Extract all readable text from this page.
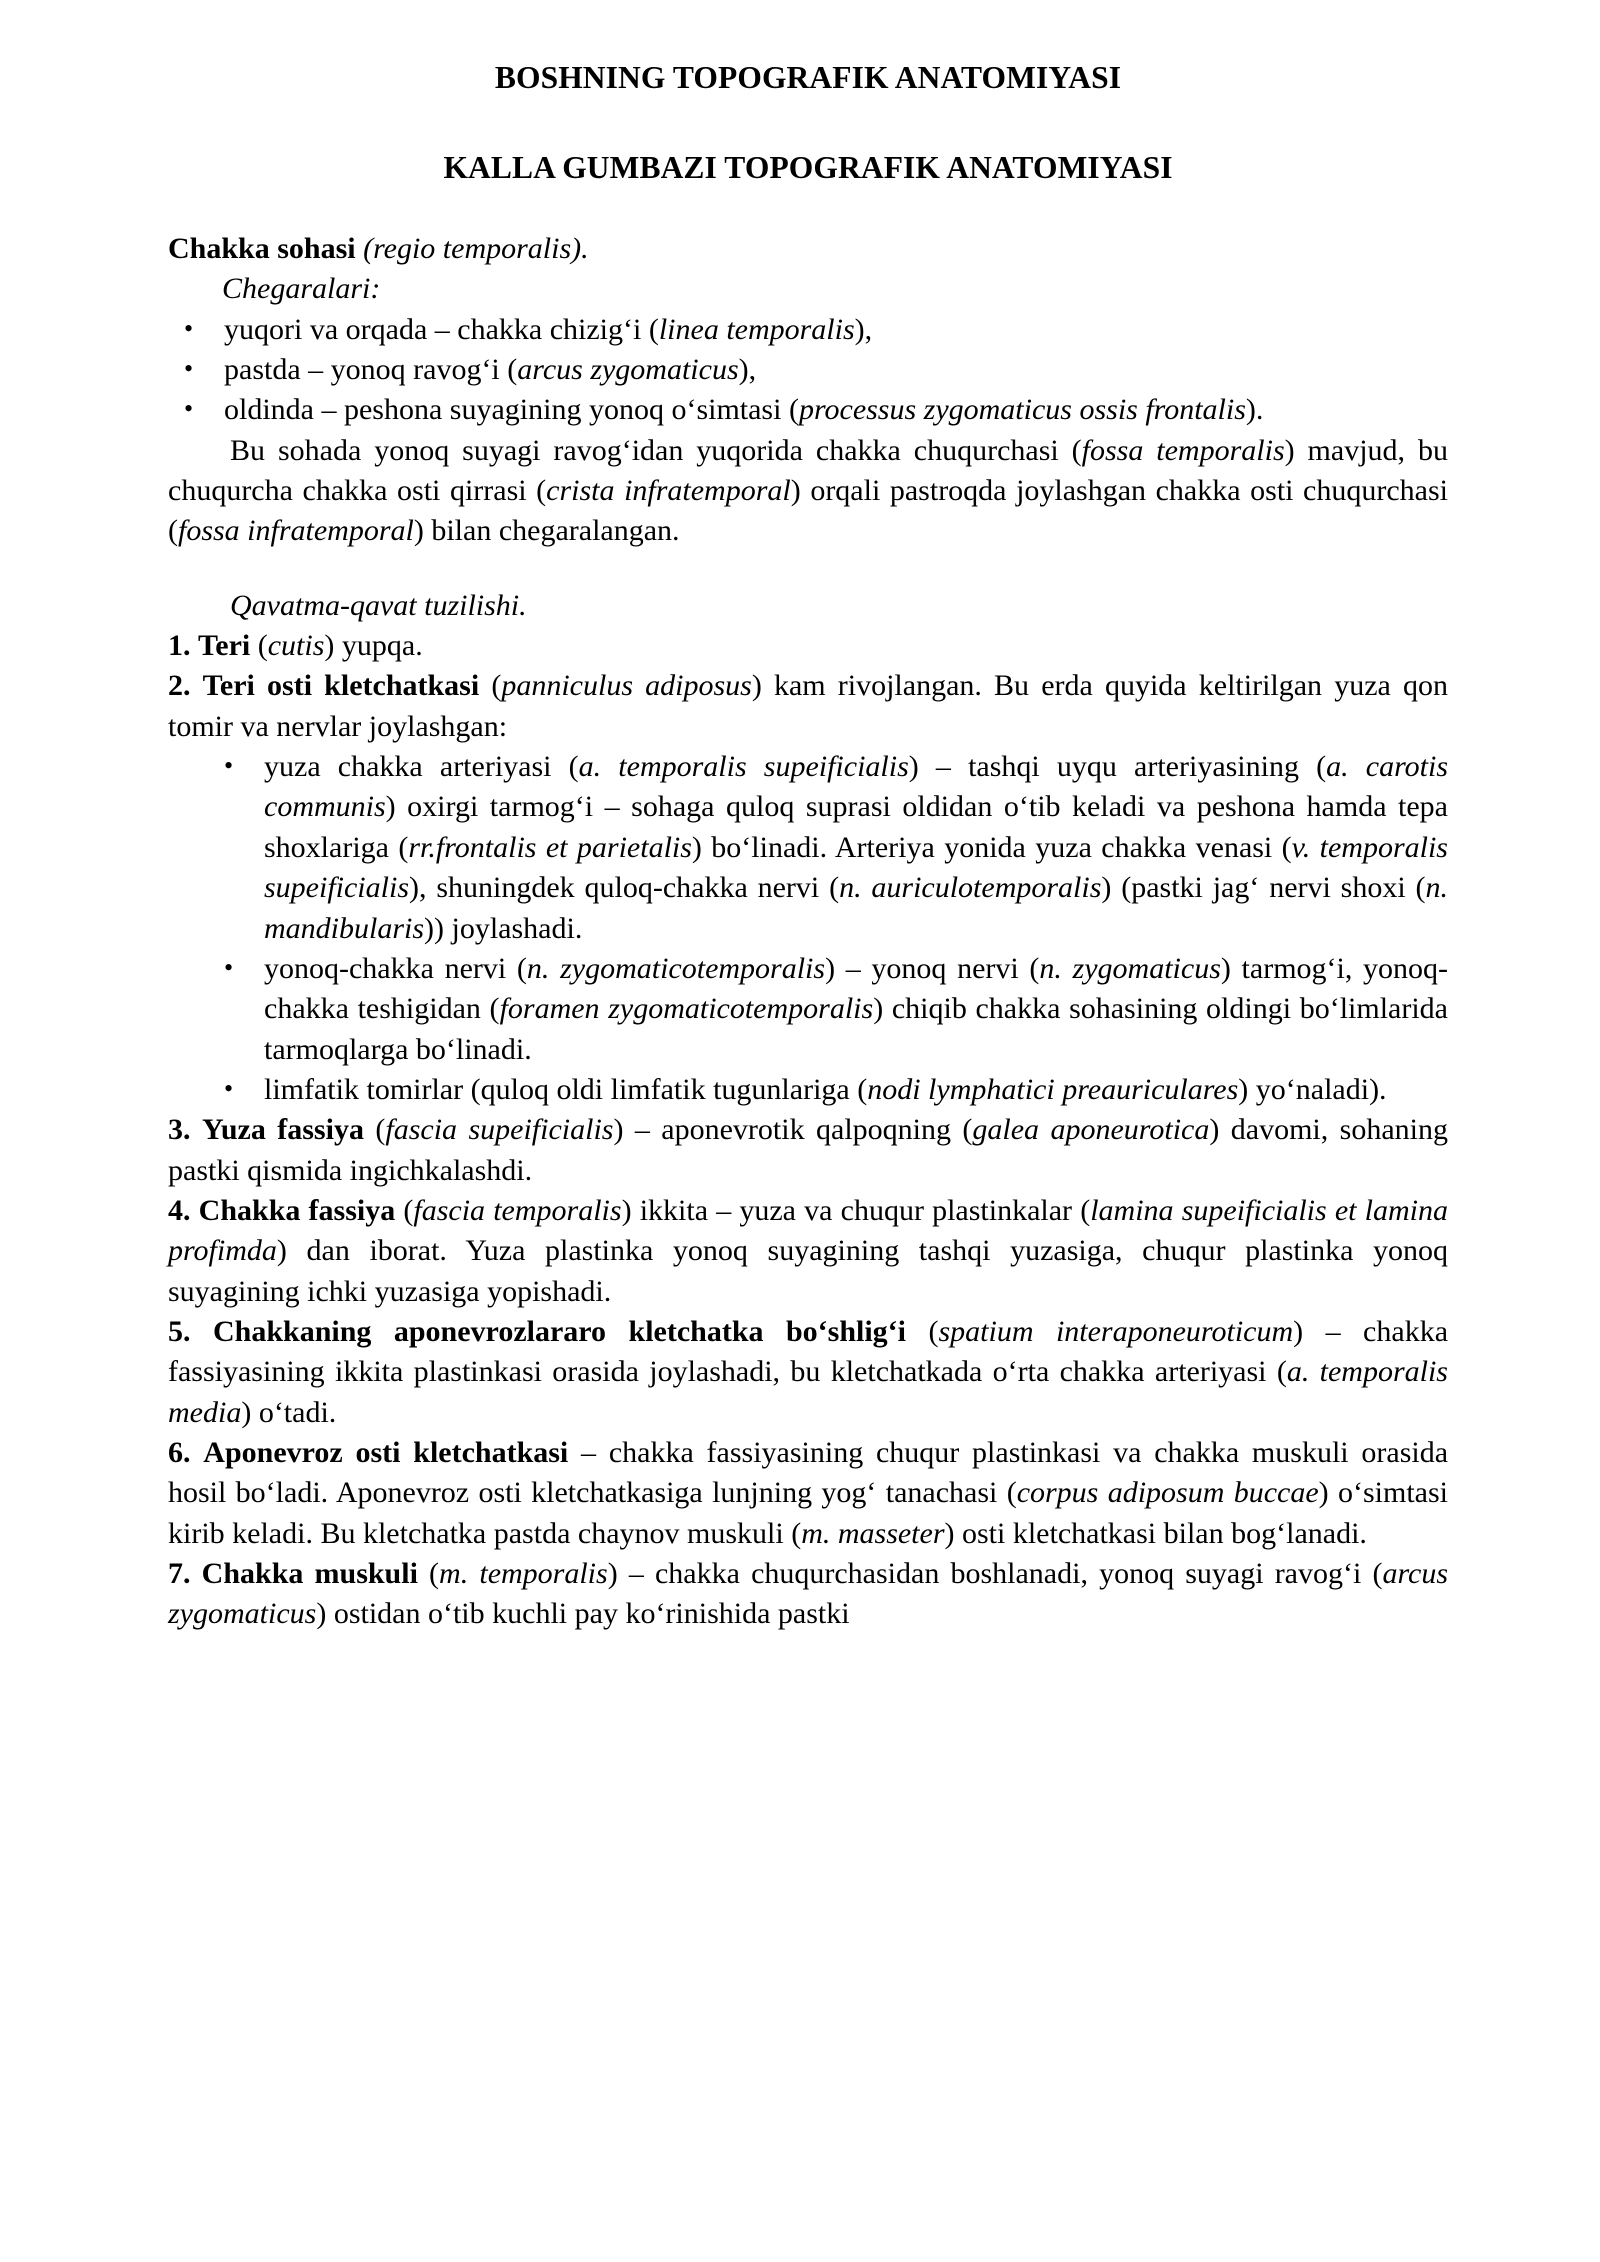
BOSHNING TOPOGRAFIK ANATOMIYASI
KALLA GUMBAZI TOPOGRAFIK ANATOMIYASI

Chakka sohasi (regio temporalis).

Chegaralari:

• yuqori va orqada – chakka chizig‘i (linea temporalis),
• pastda – yonoq ravog‘i (arcus zygomaticus),
• oldinda – peshona suyagining yonoq o‘simtasi (processus zygomaticus ossis frontalis).

Bu sohada yonoq suyagi ravog‘idan yuqorida chakka chuqurchasi (fossa temporalis) mavjud, bu chuqurcha chakka osti qirrasi (crista infratemporal) orqali pastroqda joylashgan chakka osti chuqurchasi (fossa infratemporal) bilan chegaralangan.

Qavatma-qavat tuzilishi.

1. Teri (cutis) yupqa.

2. Teri osti kletchatkasi (panniculus adiposus) kam rivojlangan. Bu erda quyida keltirilgan yuza qon tomir va nervlar joylashgan:

• yuza chakka arteriyasi (a. temporalis supeificialis) – tashqi uyqu arteriyasining (a. carotis communis) oxirgi tarmog‘i – sohaga quloq suprasi oldidan o‘tib keladi va peshona hamda tepa shoxlariga (rr.frontalis et parietalis) bo‘linadi. Arteriya yonida yuza chakka venasi (v. temporalis supeificialis), shuningdek quloq-chakka nervi (n. auriculotemporalis) (pastki jag‘ nervi shoxi (n. mandibularis)) joylashadi.
• yonoq-chakka nervi (n. zygomaticotemporalis) – yonoq nervi (n. zygomaticus) tarmog‘i, yonoq-chakka teshigidan (foramen zygomaticotemporalis) chiqib chakka sohasining oldingi bo‘limlarida tarmoqlarga bo‘linadi.
• limfatik tomirlar (quloq oldi limfatik tugunlariga (nodi lymphatici preauriculares) yo‘naladi).

3. Yuza fassiya (fascia supeificialis) – aponevrotik qalpoqning (galea aponeurotica) davomi, sohaning pastki qismida ingichkalashdi.

4. Chakka fassiya (fascia temporalis) ikkita – yuza va chuqur plastinkalar (lamina supeificialis et lamina profimda) dan iborat. Yuza plastinka yonoq suyagining tashqi yuzasiga, chuqur plastinka yonoq suyagining ichki yuzasiga yopishadi.

5. Chakkaning aponevrozlararo kletchatka bo‘shlig‘i (spatium interaponeuroticum) – chakka fassiyasining ikkita plastinkasi orasida joylashadi, bu kletchatkada o‘rta chakka arteriyasi (a. temporalis media) o‘tadi.

6. Aponevroz osti kletchatkasi – chakka fassiyasining chuqur plastinkasi va chakka muskuli orasida hosil bo‘ladi. Aponevroz osti kletchatkasiga lunjning yog‘ tanachasi (corpus adiposum buccae) o‘simtasi kirib keladi. Bu kletchatka pastda chaynov muskuli (m. masseter) osti kletchatkasi bilan bog‘lanadi.

7. Chakka muskuli (m. temporalis) – chakka chuqurchasidan boshlanadi, yonoq suyagi ravog‘i (arcus zygomaticus) ostidan o‘tib kuchli pay ko‘rinishida pastki
